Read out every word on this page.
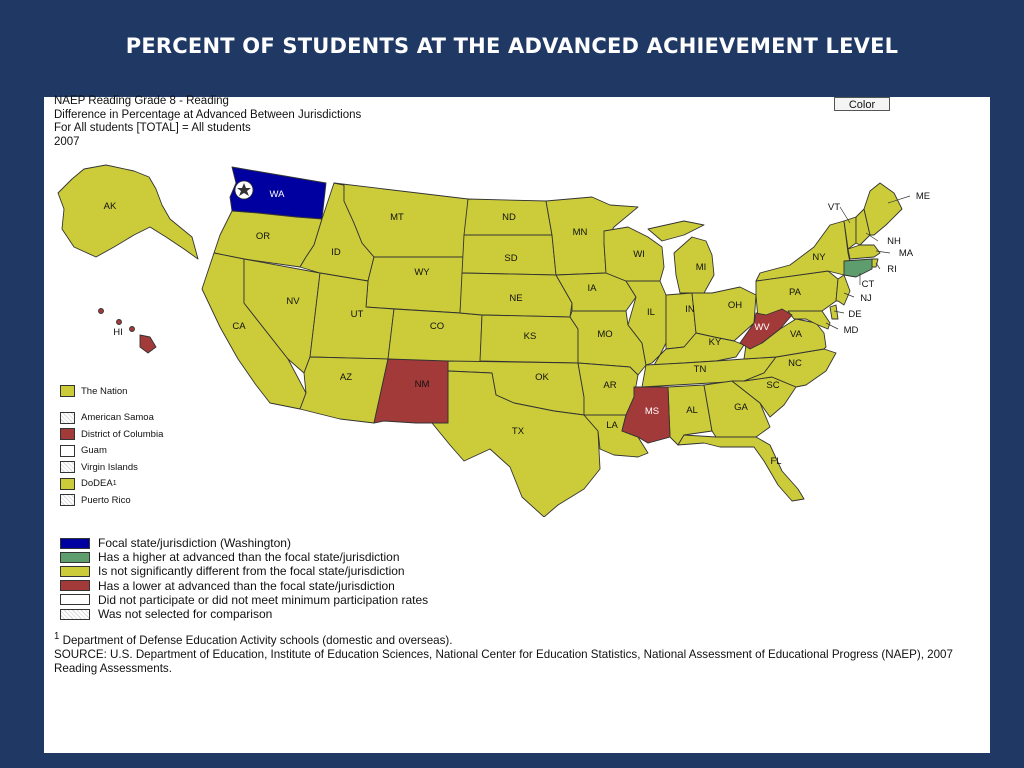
PERCENT OF STUDENTS AT THE ADVANCED ACHIEVEMENT LEVEL
NAEP Reading Grade 8 - Reading
Difference in Percentage at Advanced Between Jurisdictions
For All students [TOTAL] = All students
2007
Color
AK
HI
WA
OR
CA
NV
ID
MT
WY
UT
CO
AZ
NM
ND
SD
NE
KS
OK
TX
MN
IA
MO
AR
LA
WI
IL
MI
IN	OH
KY
TN
MS	AL	GA
FL
SC
NC
VA
WV
PA
NY
VT
ME
NH
MA
RI
CT
NJ
DE
MD
The Nation
American Samoa
District of Columbia
Guam
Virgin Islands
DoDEA 1
Puerto Rico
Focal state/jurisdiction (Washington)
Has a higher at advanced than the focal state/jurisdiction
Is not significantly different from the focal state/jurisdiction
Has a lower at advanced than the focal state/jurisdiction
Did not participate or did not meet minimum participation rates
Was not selected for comparison
$^1$ Department of Defense Education Activity schools (domestic and overseas).
SOURCE: U.S. Department of Education, Institute of Education Sciences, National Center for Education Statistics, National Assessment of Educational Progress (NAEP), 2007 Reading Assessments.
